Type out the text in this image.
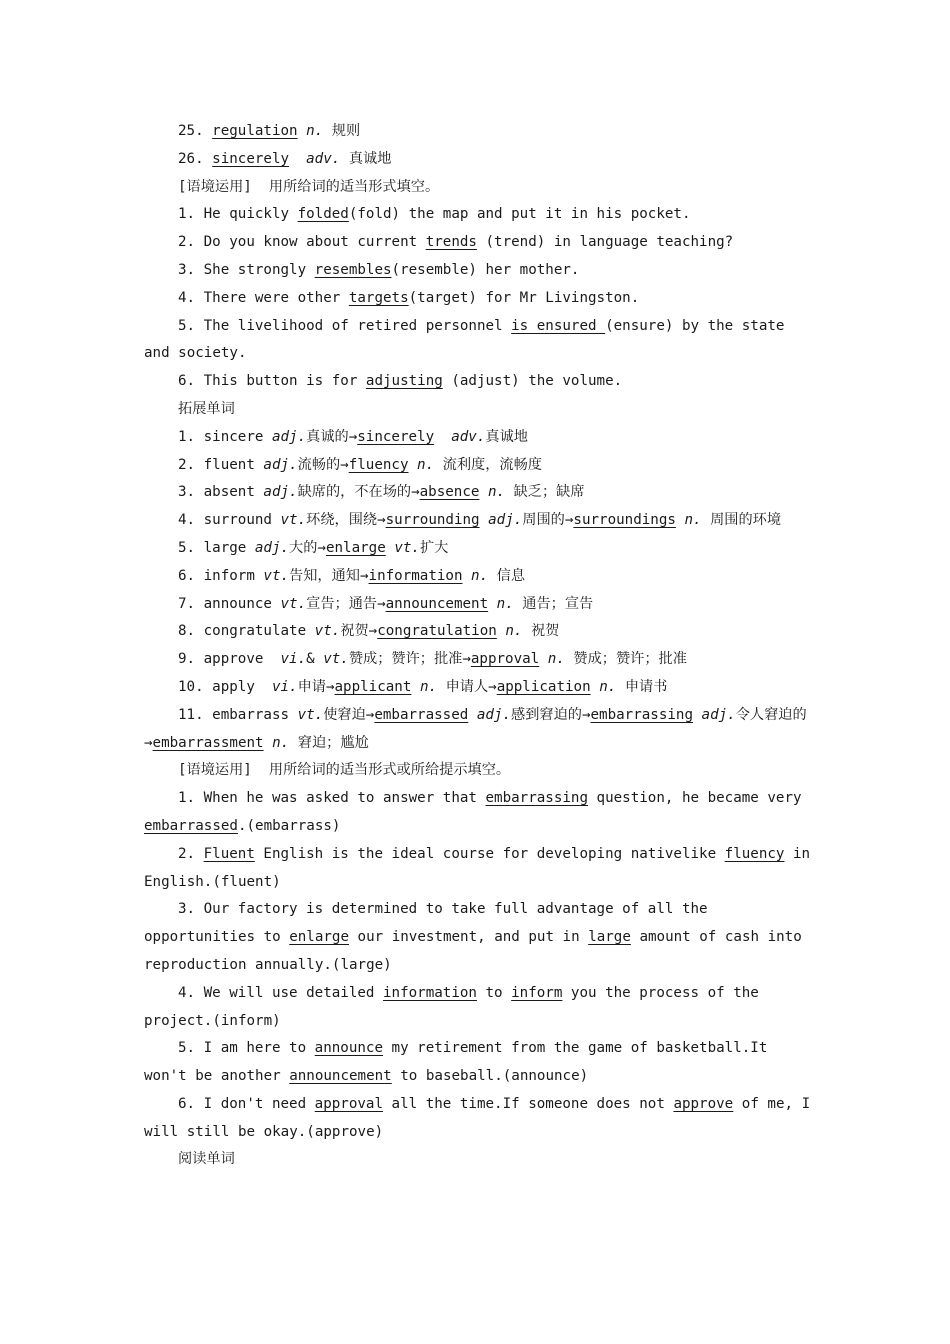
25. regulation n. 规则
26. sincerely adv. 真诚地
[语境运用]  用所给词的适当形式填空。
1. He quickly folded(fold) the map and put it in his pocket.
2. Do you know about current trends (trend) in language teaching?
3. She strongly resembles(resemble) her mother.
4. There were other targets(target) for Mr Livingston.
5. The livelihood of retired personnel is ensured (ensure) by the state and society.
6. This button is for adjusting (adjust) the volume.
拓展单词
1. sincere adj.真诚的→sincerely adv.真诚地
2. fluent adj.流畅的→fluency n. 流利度，流畅度
3. absent adj.缺席的，不在场的→absence n. 缺乏；缺席
4. surround vt.环绕，围绕→surrounding adj.周围的→surroundings n. 周围的环境
5. large adj.大的→enlarge vt.扩大
6. inform vt.告知，通知→information n. 信息
7. announce vt.宣告；通告→announcement n. 通告；宣告
8. congratulate vt.祝贺→congratulation n. 祝贺
9. approve  vi.& vt.赞成；赞许；批准→approval n. 赞成；赞许；批准
10. apply  vi.申请→applicant n. 申请人→application n. 申请书
11. embarrass vt.使窘迫→embarrassed adj.感到窘迫的→embarrassing adj.令人窘迫的→embarrassment n. 窘迫；尴尬
[语境运用]  用所给词的适当形式或所给提示填空。
1. When he was asked to answer that embarrassing question, he became very embarrassed.(embarrass)
2. Fluent English is the ideal course for developing nativelike fluency in English.(fluent)
3. Our factory is determined to take full advantage of all the opportunities to enlarge our investment, and put in large amount of cash into reproduction annually.(large)
4. We will use detailed information to inform you the process of the project.(inform)
5. I am here to announce my retirement from the game of basketball.It won't be another announcement to baseball.(announce)
6. I don't need approval all the time.If someone does not approve of me, I will still be okay.(approve)
阅读单词
